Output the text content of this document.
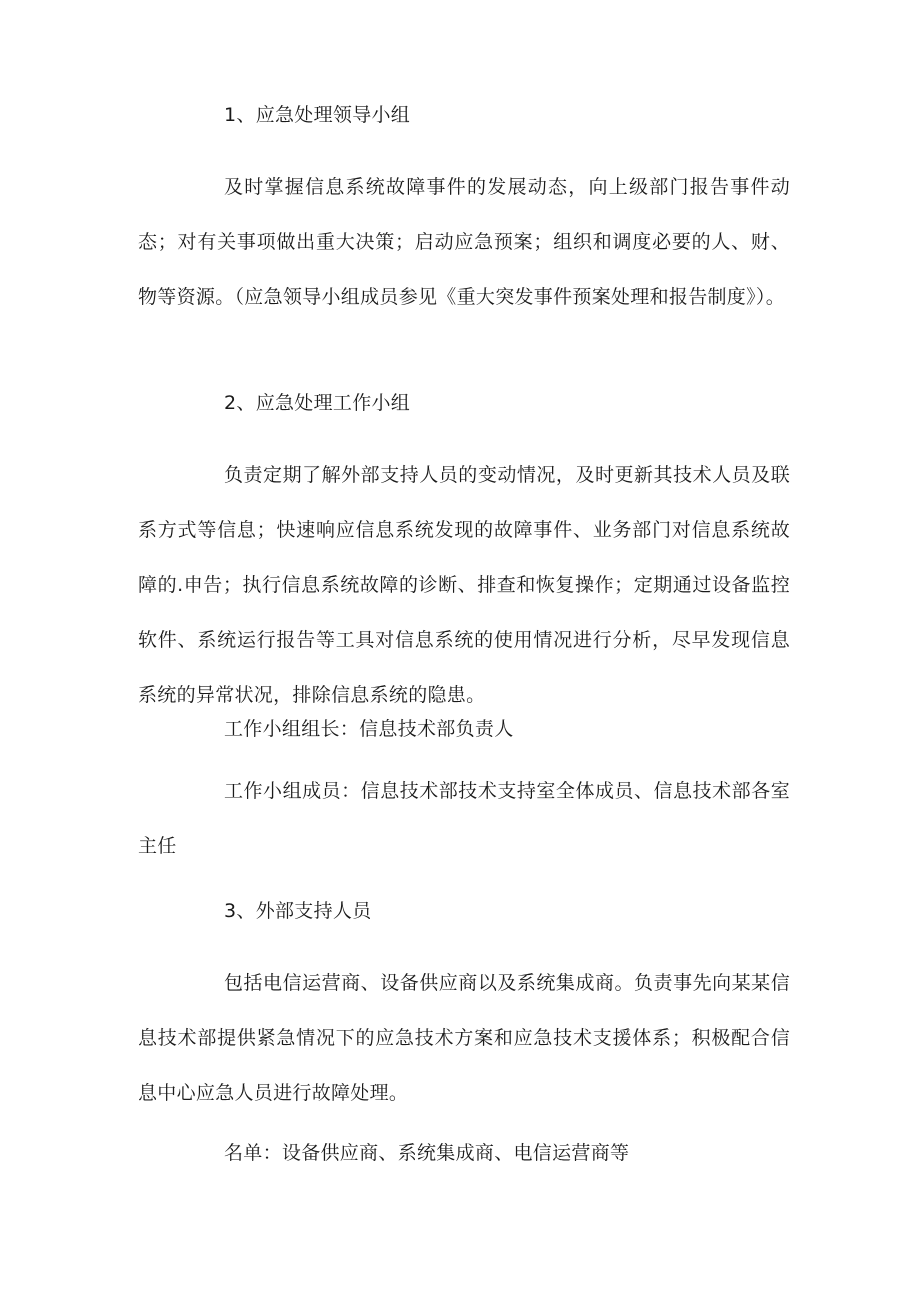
1、应急处理领导小组

及时掌握信息系统故障事件的发展动态，向上级部门报告事件动态；对有关事项做出重大决策；启动应急预案；组织和调度必要的人、财、物等资源。（应急领导小组成员参见《重大突发事件预案处理和报告制度》）。

2、应急处理工作小组

负责定期了解外部支持人员的变动情况，及时更新其技术人员及联系方式等信息；快速响应信息系统发现的故障事件、业务部门对信息系统故障的.申告；执行信息系统故障的诊断、排查和恢复操作；定期通过设备监控软件、系统运行报告等工具对信息系统的使用情况进行分析，尽早发现信息系统的异常状况，排除信息系统的隐患。

工作小组组长：信息技术部负责人

工作小组成员：信息技术部技术支持室全体成员、信息技术部各室主任

3、外部支持人员

包括电信运营商、设备供应商以及系统集成商。负责事先向某某信息技术部提供紧急情况下的应急技术方案和应急技术支援体系；积极配合信息中心应急人员进行故障处理。

名单：设备供应商、系统集成商、电信运营商等
